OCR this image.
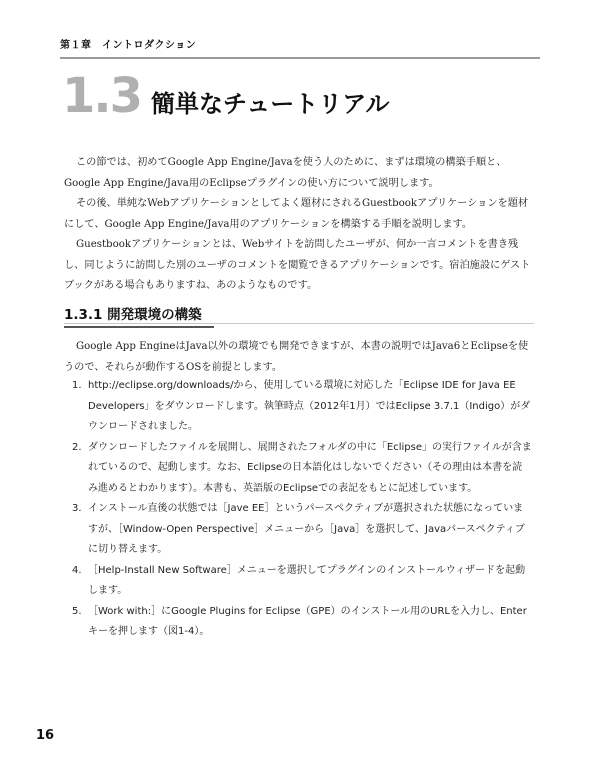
第１章　イントロダクション
1.3 簡単なチュートリアル

この節では、初めてGoogle App Engine/Javaを使う人のために、まずは環境の構築手順と、Google App Engine/Java用のEclipseプラグインの使い方について説明します。

その後、単純なWebアプリケーションとしてよく題材にされるGuestbookアプリケーションを題材にして、Google App Engine/Java用のアプリケーションを構築する手順を説明します。

Guestbookアプリケーションとは、Webサイトを訪問したユーザが、何か一言コメントを書き残し、同じように訪問した別のユーザのコメントを閲覧できるアプリケーションです。宿泊施設にゲストブックがある場合もありますね、あのようなものです。

1.3.1 開発環境の構築

Google App EngineはJava以外の環境でも開発できますが、本書の説明ではJava6とEclipseを使うので、それらが動作するOSを前提とします。

1. http://eclipse.org/downloads/から、使用している環境に対応した「Eclipse IDE for Java EE Developers」をダウンロードします。執筆時点（2012年1月）ではEclipse 3.7.1（Indigo）がダウンロードされました。
2. ダウンロードしたファイルを展開し、展開されたフォルダの中に「Eclipse」の実行ファイルが含まれているので、起動します。なお、Eclipseの日本語化はしないでください（その理由は本書を読み進めるとわかります）。本書も、英語版のEclipseでの表記をもとに記述しています。
3. インストール直後の状態では［Jave EE］というパースペクティブが選択された状態になっていますが、［Window-Open Perspective］メニューから［Java］を選択して、Javaパースペクティブに切り替えます。
4. ［Help-Install New Software］メニューを選択してプラグインのインストールウィザードを起動します。
5. ［Work with:］にGoogle Plugins for Eclipse（GPE）のインストール用のURLを入力し、Enterキーを押します（図1-4）。
16
